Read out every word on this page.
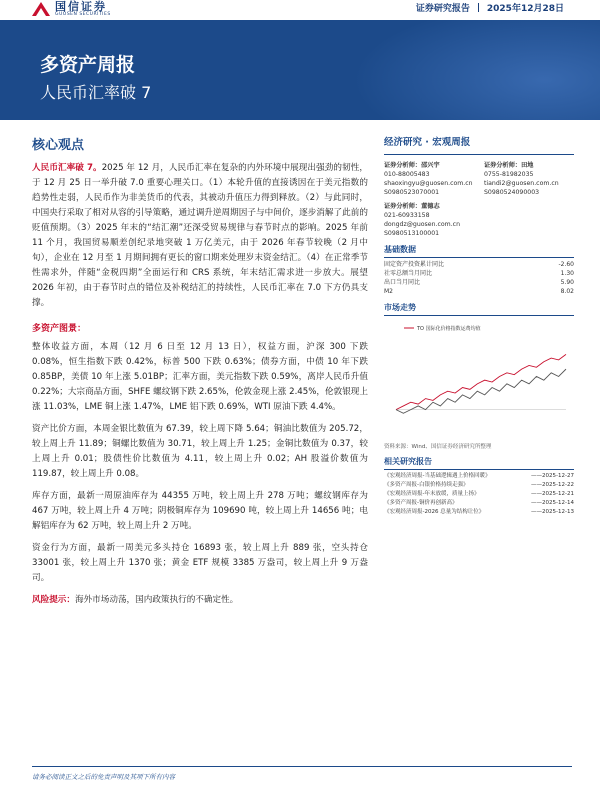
国信证券
GUOSEN SECURITIES
证券研究报告 2025年12月28日
多资产周报
人民币汇率破 7
核心观点

人民币汇率破 7。2025 年 12 月，人民币汇率在复杂的内外环境中展现出强劲的韧性，于 12 月 25 日一举升破 7.0 重要心理关口。（1）本轮升值的直接诱因在于美元指数的趋势性走弱，人民币作为非美货币的代表，其被动升值压力得到释放。（2）与此同时，中国央行采取了相对从容的引导策略，通过调升逆周期因子与中间价，逐步消解了此前的贬值预期。（3）2025 年末的“结汇潮”还深受贸易规律与春节时点的影响。2025 年前 11 个月，我国贸易顺差创纪录地突破 1 万亿美元，由于 2026 年春节较晚（2 月中旬），企业在 12 月至 1 月期间拥有更长的窗口期来处理岁末资金结汇。（4）在正常季节性需求外，伴随“金税四期”全面运行和 CRS 系统，年末结汇需求进一步放大。展望 2026 年初，由于春节时点的错位及补税结汇的持续性，人民币汇率在 7.0 下方仍具支撑。

多资产图景：

整体收益方面，本周（12 月 6 日至 12 月 13 日），权益方面，沪深 300 下跌 0.08%，恒生指数下跌 0.42%，标普 500 下跌 0.63%；债券方面，中债 10 年下跌 0.85BP，美债 10 年上涨 5.01BP；汇率方面，美元指数下跌 0.59%，离岸人民币升值 0.22%；大宗商品方面，SHFE 螺纹钢下跌 2.65%，伦敦金现上涨 2.45%，伦敦银现上涨 11.03%，LME 铜上涨 1.47%，LME 铝下跌 0.69%，WTI 原油下跌 4.4%。

资产比价方面，本周金银比数值为 67.39，较上周下降 5.64；铜油比数值为 205.72，较上周上升 11.89；铜螺比数值为 30.71，较上周上升 1.25；金铜比数值为 0.37，较上周上升 0.01；股债性价比数值为 4.11，较上周上升 0.02；AH 股溢价数值为 119.87，较上周上升 0.08。

库存方面，最新一周原油库存为 44355 万吨，较上周上升 278 万吨；螺纹钢库存为 467 万吨，较上周上升 4 万吨；阴极铜库存为 109690 吨，较上周上升 14656 吨；电解铝库存为 62 万吨，较上周上升 2 万吨。

资金行为方面，最新一周美元多头持仓 16893 张，较上周上升 889 张，空头持仓 33001 张，较上周上升 1370 张；黄金 ETF 规模 3385 万盎司，较上周上升 9 万盎司。

风险提示：海外市场动荡，国内政策执行的不确定性。
经济研究 · 宏观周报
证券分析师：邵兴宇
010-88005483
shaoxingyu@guosen.com.cn
S0980523070001
证券分析师：田地
0755-81982035
tiandi2@guosen.com.cn
S0980524090003
证券分析师：董德志
021-60933158
dongdz@guosen.com.cn
S0980513100001
基础数据
固定资产投资累计同比	-2.60
社零总额当月同比	1.30
出口当月同比	5.90
M2	8.02
市场走势
TO 国际化价格指数运费均值
资料来源：Wind、国信证券经济研究所整理
相关研究报告
《宏观经济周报-当基础逻辑遇上价格回暖》	——2025-12-27
《多资产周报-白银价格持续走强》	——2025-12-22
《宏观经济周报-年末放缓，质量上扬》	——2025-12-21
《多资产周报-铜价再创新高》	——2025-12-14
《宏观经济周报-2026 总量为结构让位》	——2025-12-13
请务必阅读正文之后的免责声明及其项下所有内容
